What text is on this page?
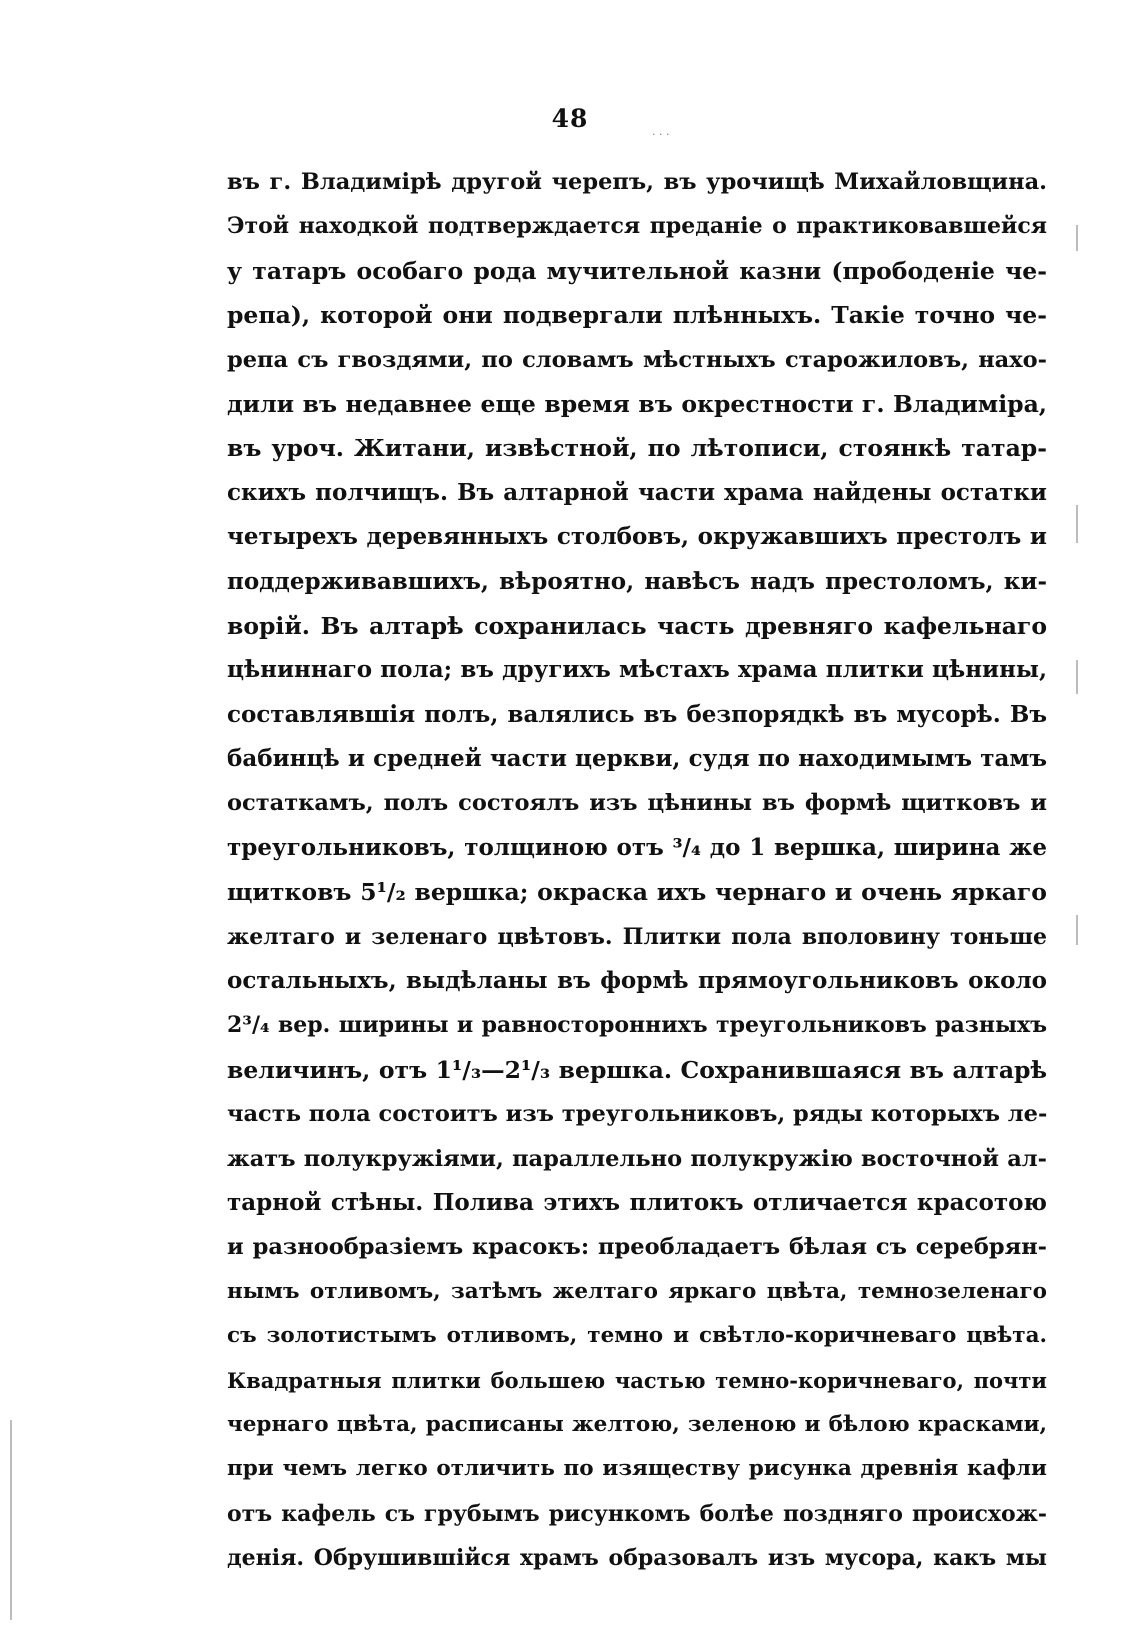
48
· · ·
въ г. Владимірѣ другой черепъ, въ урочищѣ Михайловщина.
Этой находкой подтверждается преданіе о практиковавшейся
у татаръ особаго рода мучительной казни (прободеніе че-
репа), которой они подвергали плѣнныхъ. Такіе точно че-
репа съ гвоздями, по словамъ мѣстныхъ старожиловъ, нахо-
дили въ недавнее еще время въ окрестности г. Владиміра,
въ уроч. Житани, извѣстной, по лѣтописи, стоянкѣ татар-
скихъ полчищъ. Въ алтарной части храма найдены остатки
четырехъ деревянныхъ столбовъ, окружавшихъ престолъ и
поддерживавшихъ, вѣроятно, навѣсъ надъ престоломъ, ки-
ворій. Въ алтарѣ сохранилась часть древняго кафельнаго
цѣниннаго пола; въ другихъ мѣстахъ храма плитки цѣнины,
составлявшія полъ, валялись въ безпорядкѣ въ мусорѣ. Въ
бабинцѣ и средней части церкви, судя по находимымъ тамъ
остаткамъ, полъ состоялъ изъ цѣнины въ формѣ щитковъ и
треугольниковъ, толщиною отъ ³/₄ до 1 вершка, ширина же
щитковъ 5¹/₂ вершка; окраска ихъ чернаго и очень яркаго
желтаго и зеленаго цвѣтовъ. Плитки пола вполовину тоньше
остальныхъ, выдѣланы въ формѣ прямоугольниковъ около
2³/₄ вер. ширины и равностороннихъ треугольниковъ разныхъ
величинъ, отъ 1¹/₃—2¹/₃ вершка. Сохранившаяся въ алтарѣ
часть пола состоитъ изъ треугольниковъ, ряды которыхъ ле-
жатъ полукружіями, параллельно полукружію восточной ал-
тарной стѣны. Полива этихъ плитокъ отличается красотою
и разнообразіемъ красокъ: преобладаетъ бѣлая съ серебрян-
нымъ отливомъ, затѣмъ желтаго яркаго цвѣта, темнозеленаго
съ золотистымъ отливомъ, темно и свѣтло-коричневаго цвѣта.
Квадратныя плитки большею частью темно-коричневаго, почти
чернаго цвѣта, расписаны желтою, зеленою и бѣлою красками,
при чемъ легко отличить по изяществу рисунка древнія кафли
отъ кафель съ грубымъ рисункомъ болѣе поздняго происхож-
денія. Обрушившійся храмъ образовалъ изъ мусора, какъ мы
